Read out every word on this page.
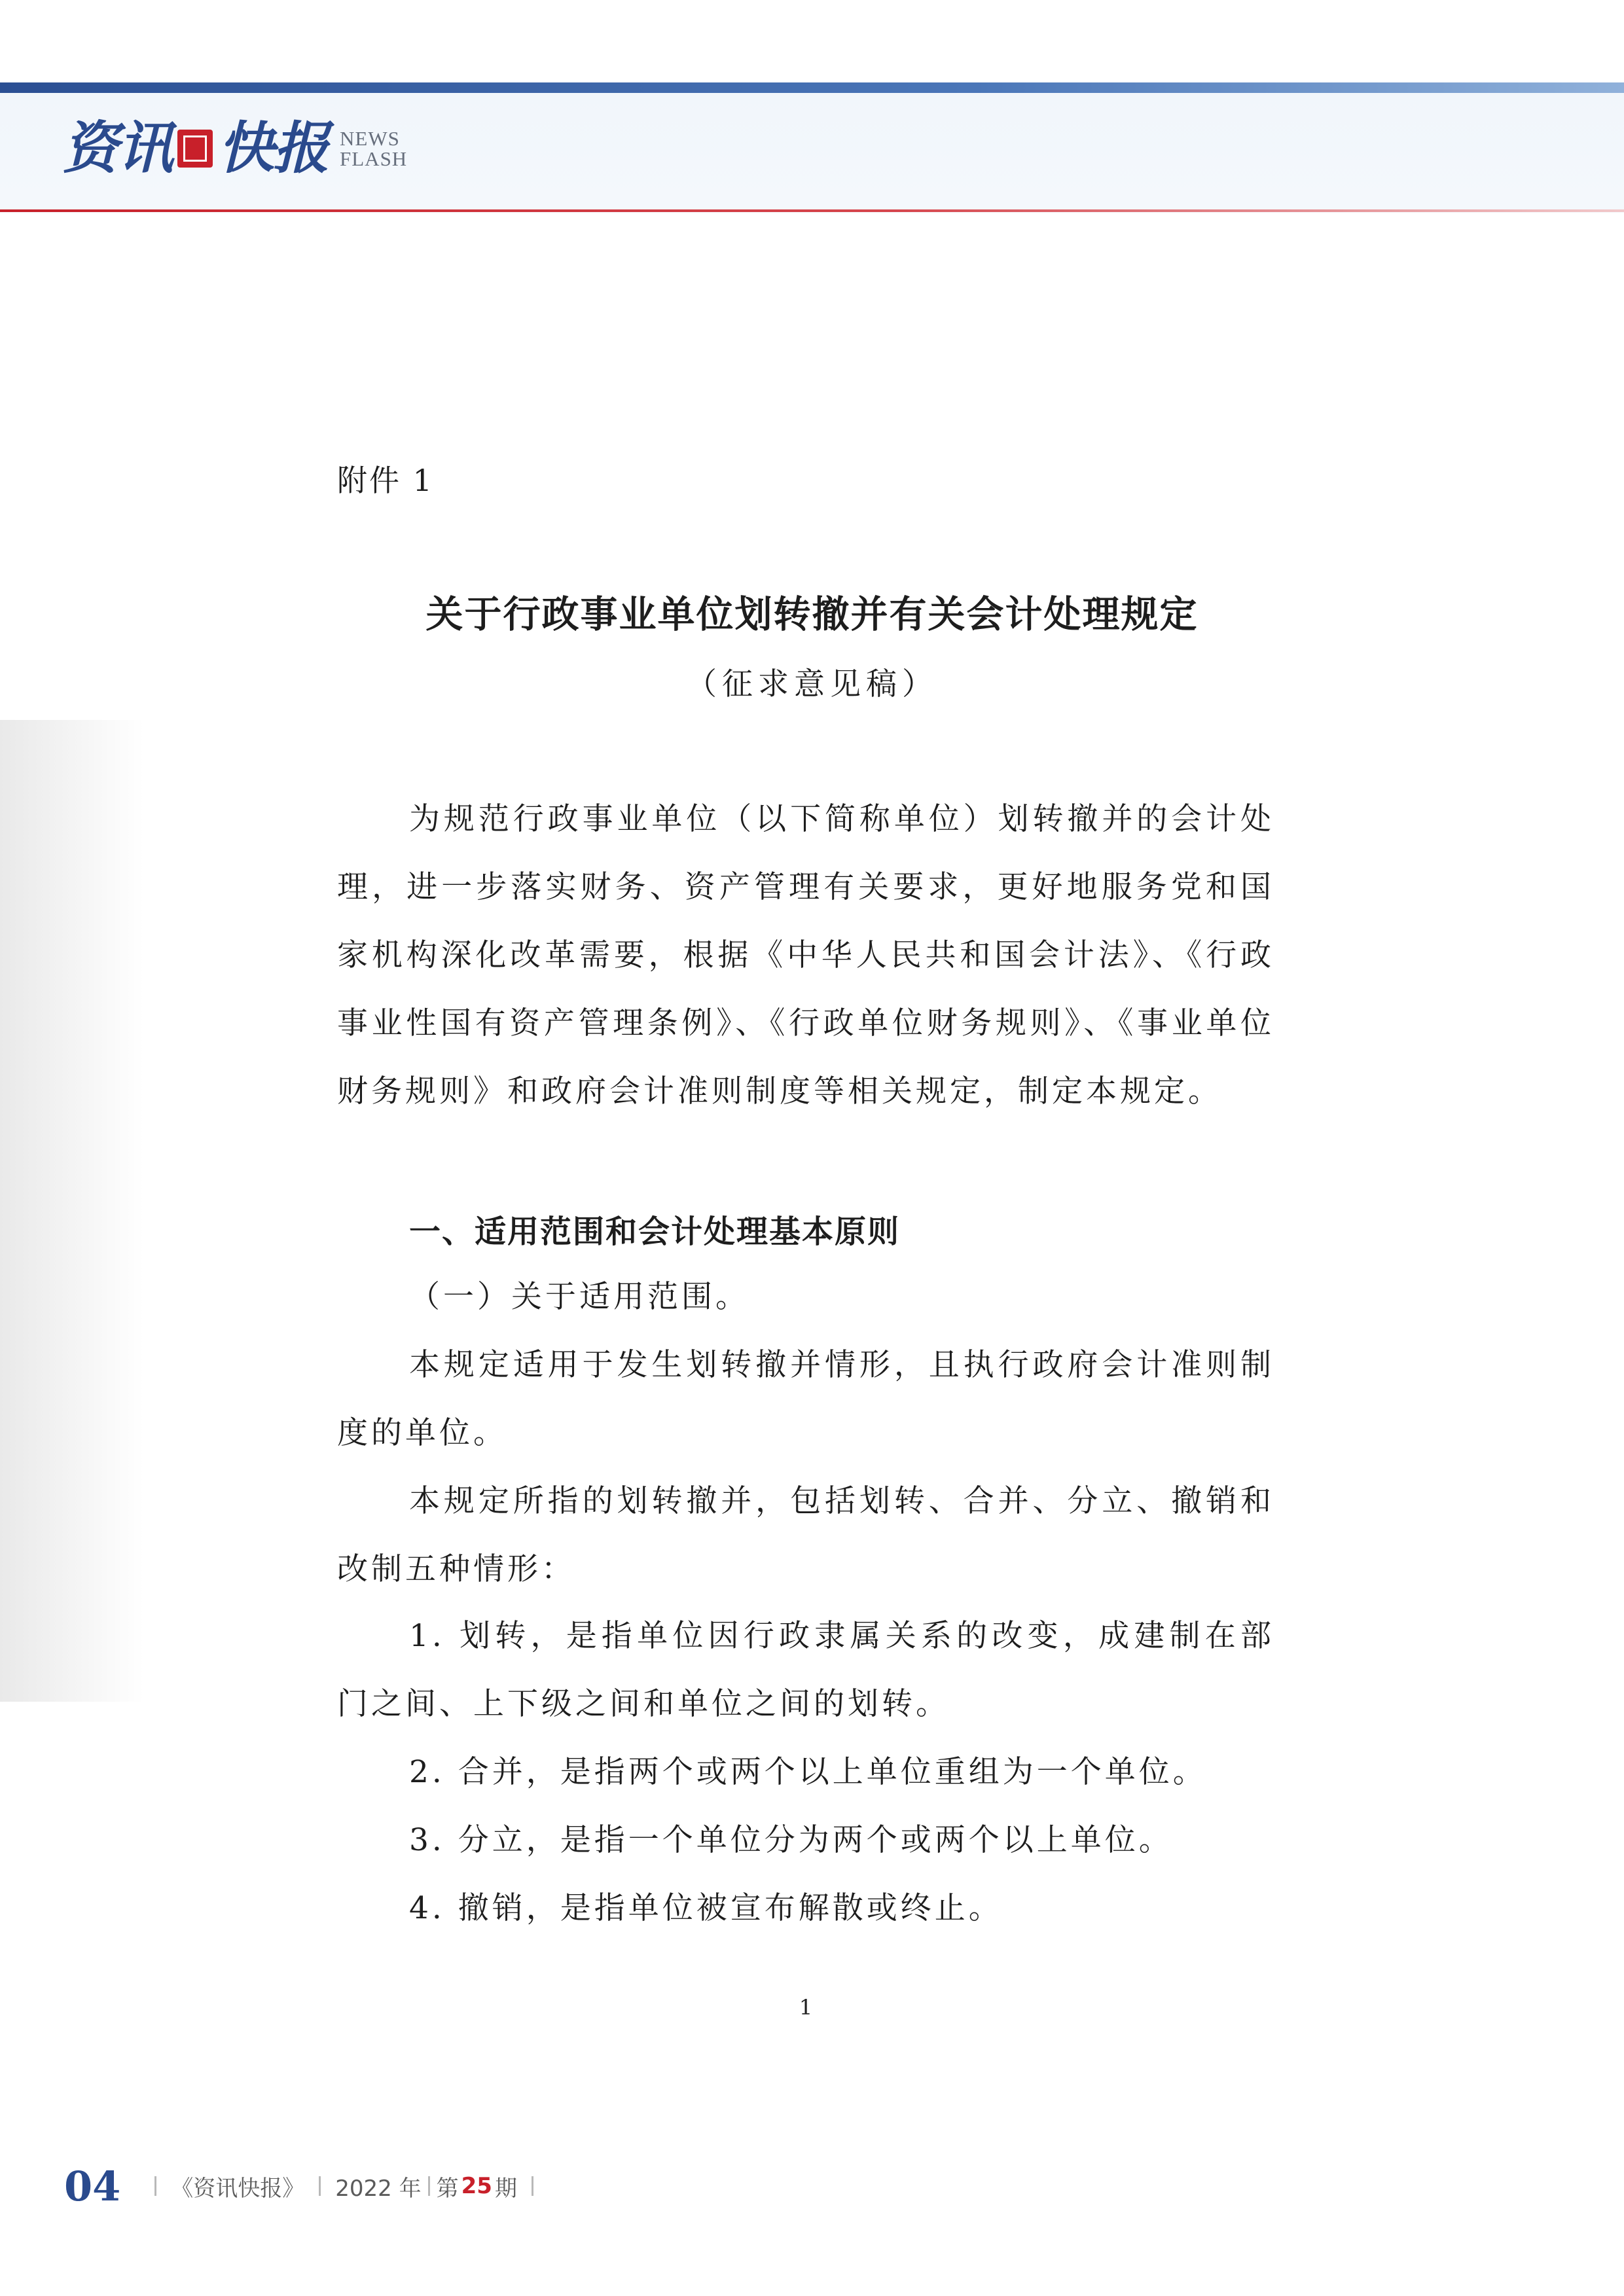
资讯 快报 NEWS
FLASH
附件 1
关于行政事业单位划转撤并有关会计处理规定
（征求意见稿）
为规范行政事业单位（以下简称单位）划转撤并的会计处理，进一步落实财务、资产管理有关要求，更好地服务党和国家机构深化改革需要，根据《中华人民共和国会计法》、《行政事业性国有资产管理条例》、《行政单位财务规则》、《事业单位财务规则》和政府会计准则制度等相关规定，制定本规定。
一、适用范围和会计处理基本原则
（一）关于适用范围。
本规定适用于发生划转撤并情形，且执行政府会计准则制度的单位。
本规定所指的划转撤并，包括划转、合并、分立、撤销和改制五种情形：
1. 划转，是指单位因行政隶属关系的改变，成建制在部门之间、上下级之间和单位之间的划转。
2. 合并，是指两个或两个以上单位重组为一个单位。
3. 分立，是指一个单位分为两个或两个以上单位。
4. 撤销，是指单位被宣布解散或终止。
1
04 《资讯快报》 2022 年 第 25 期
